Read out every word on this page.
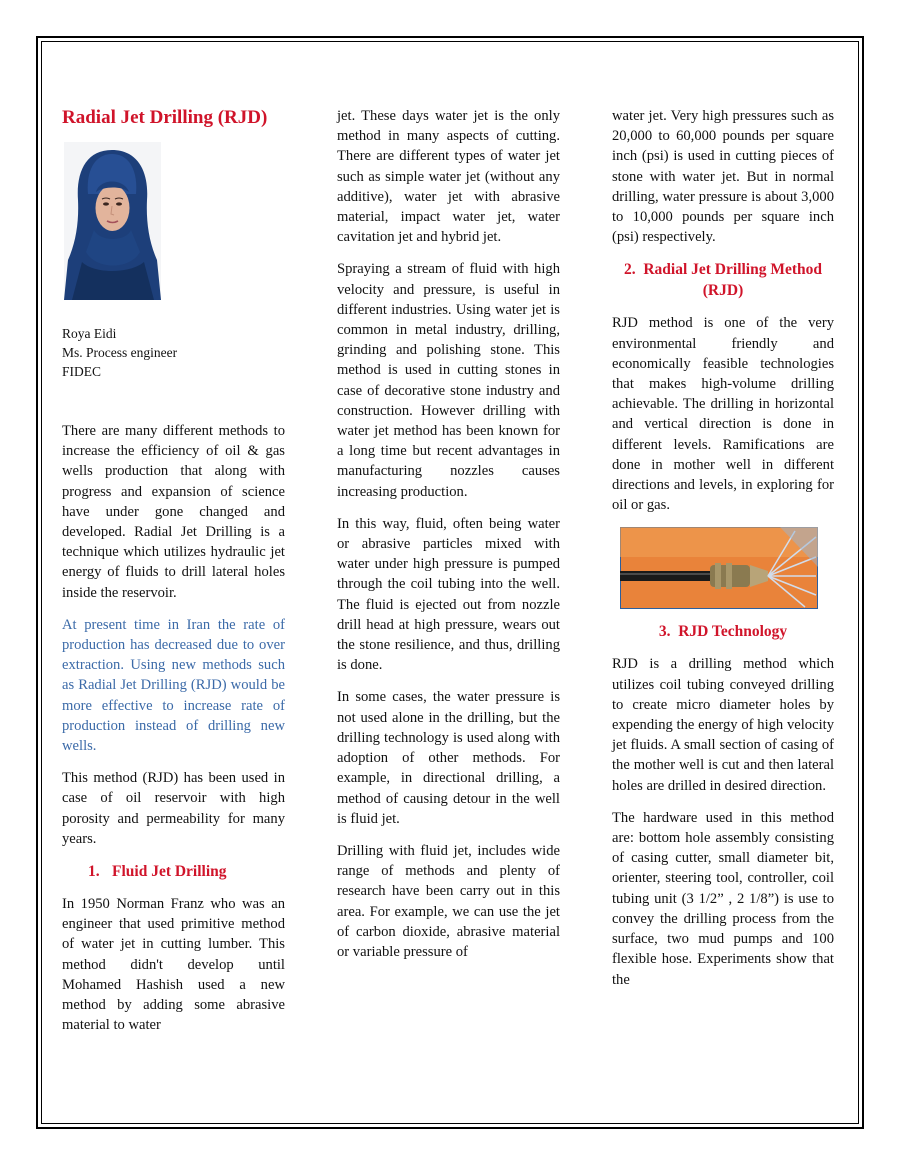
Radial Jet Drilling (RJD)
Roya Eidi
Ms. Process engineer
FIDEC

There are many different methods to increase the efficiency of oil & gas wells production that along with progress and expansion of science have under gone changed and developed. Radial Jet Drilling is a technique which utilizes hydraulic jet energy of fluids to drill lateral holes inside the reservoir.

At present time in Iran the rate of production has decreased due to over extraction. Using new methods such as Radial Jet Drilling (RJD) would be more effective to increase rate of production instead of drilling new wells.

This method (RJD) has been used in case of oil reservoir with high porosity and permeability for many years.

1. Fluid Jet Drilling

In 1950 Norman Franz who was an engineer that used primitive method of water jet in cutting lumber. This method didn't develop until Mohamed Hashish used a new method by adding some abrasive material to water

jet. These days water jet is the only method in many aspects of cutting. There are different types of water jet such as simple water jet (without any additive), water jet with abrasive material, impact water jet, water cavitation jet and hybrid jet.

Spraying a stream of fluid with high velocity and pressure, is useful in different industries. Using water jet is common in metal industry, drilling, grinding and polishing stone. This method is used in cutting stones in case of decorative stone industry and construction. However drilling with water jet method has been known for a long time but recent advantages in manufacturing nozzles causes increasing production.

In this way, fluid, often being water or abrasive particles mixed with water under high pressure is pumped through the coil tubing into the well. The fluid is ejected out from nozzle drill head at high pressure, wears out the stone resilience, and thus, drilling is done.

In some cases, the water pressure is not used alone in the drilling, but the drilling technology is used along with adoption of other methods. For example, in directional drilling, a method of causing detour in the well is fluid jet.

Drilling with fluid jet, includes wide range of methods and plenty of research have been carry out in this area. For example, we can use the jet of carbon dioxide, abrasive material or variable pressure of

water jet. Very high pressures such as 20,000 to 60,000 pounds per square inch (psi) is used in cutting pieces of stone with water jet. But in normal drilling, water pressure is about 3,000 to 10,000 pounds per square inch (psi) respectively.

2. Radial Jet Drilling Method (RJD)

RJD method is one of the very environmental friendly and economically feasible technologies that makes high-volume drilling achievable. The drilling in horizontal and vertical direction is done in different levels. Ramifications are done in mother well in different directions and levels, in exploring for oil or gas.

3. RJD Technology

RJD is a drilling method which utilizes coil tubing conveyed drilling to create micro diameter holes by expending the energy of high velocity jet fluids. A small section of casing of the mother well is cut and then lateral holes are drilled in desired direction.

The hardware used in this method are: bottom hole assembly consisting of casing cutter, small diameter bit, orienter, steering tool, controller, coil tubing unit (3 1/2” , 2 1/8”) is use to convey the drilling process from the surface, two mud pumps and 100 flexible hose. Experiments show that the
